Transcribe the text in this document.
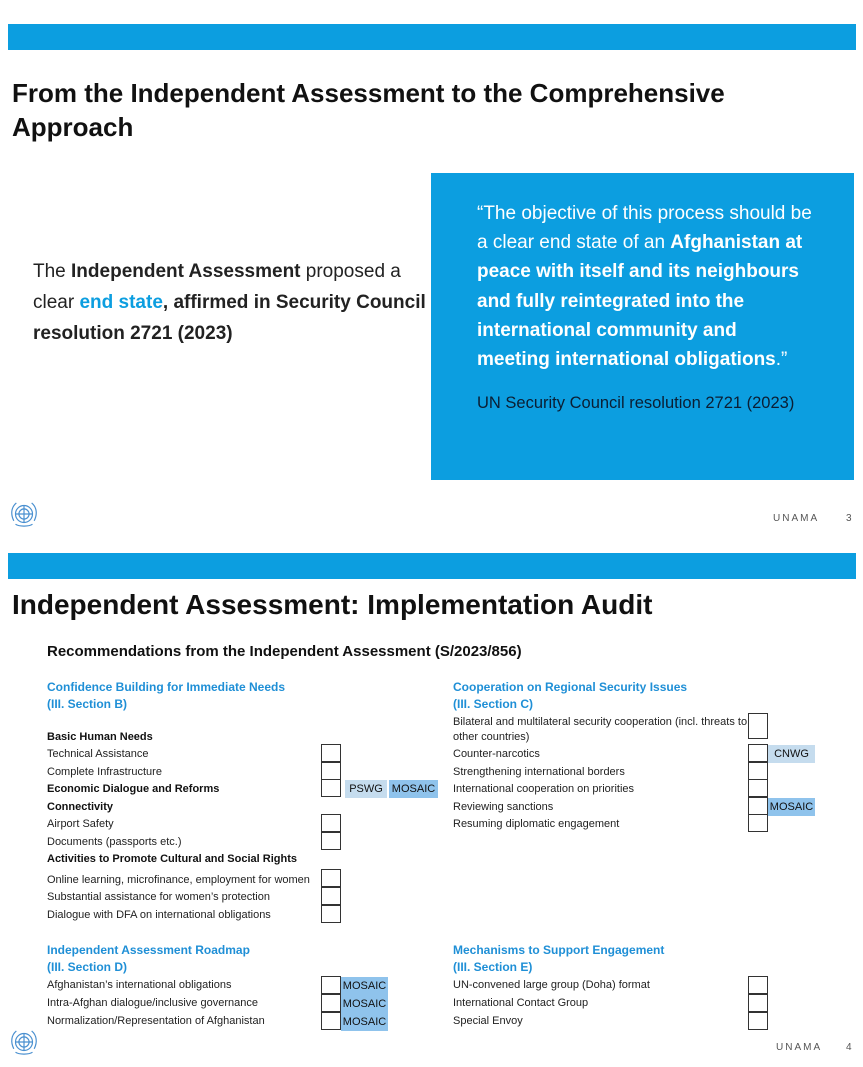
From the Independent Assessment to the Comprehensive Approach

The Independent Assessment proposed a clear end state, affirmed in Security Council resolution 2721 (2023)

“The objective of this process should be a clear end state of an Afghanistan at peace with itself and its neighbours and fully reintegrated into the international community and meeting international obligations.”

UN Security Council resolution 2721 (2023)

UNAMA	3
Independent Assessment: Implementation Audit
Recommendations from the Independent Assessment (S/2023/856)
Confidence Building for Immediate Needs
(III. Section B)
Basic Human Needs
Technical Assistance
Complete Infrastructure
Economic Dialogue and Reforms
Connectivity
Airport Safety
Documents (passports etc.)
Activities to Promote Cultural and Social Rights
Online learning, microfinance, employment for women
Substantial assistance for women’s protection
Dialogue with DFA on international obligations
PSWG MOSAIC
Cooperation on Regional Security Issues
(III. Section C)
Bilateral and multilateral security cooperation (incl. threats to other countries)
Counter-narcotics
Strengthening international borders
International cooperation on priorities
Reviewing sanctions
Resuming diplomatic engagement
CNWG
MOSAIC
Independent Assessment Roadmap
(III. Section D)
Afghanistan’s international obligations
Intra-Afghan dialogue/inclusive governance
Normalization/Representation of Afghanistan
MOSAIC
MOSAIC
MOSAIC
Mechanisms to Support Engagement
(III. Section E)
UN-convened large group (Doha) format
International Contact Group
Special Envoy
UNAMA 4
